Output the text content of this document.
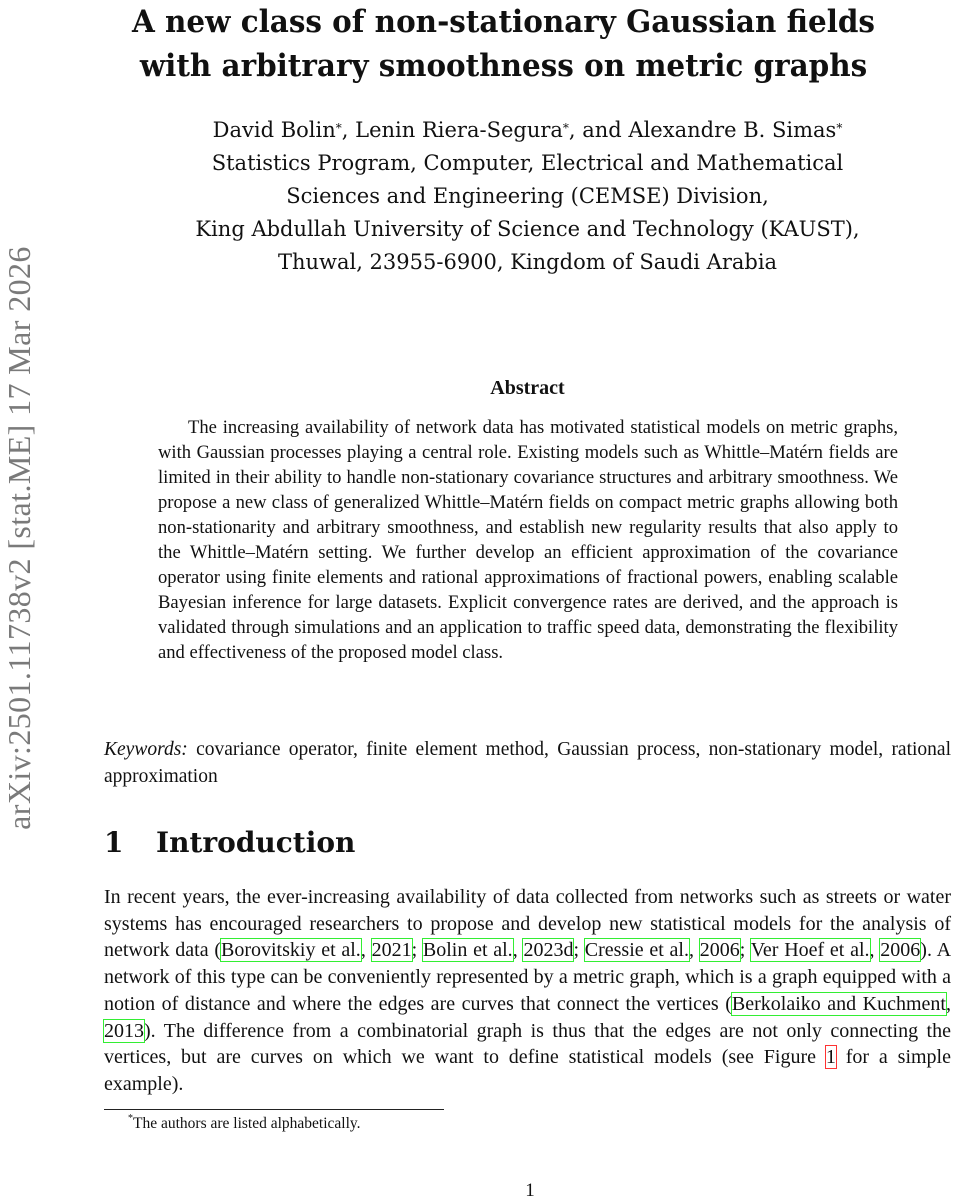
arXiv:2501.11738v2 [stat.ME] 17 Mar 2026
A new class of non-stationary Gaussian fields
with arbitrary smoothness on metric graphs
David Bolin*, Lenin Riera-Segura*, and Alexandre B. Simas*
Statistics Program, Computer, Electrical and Mathematical
Sciences and Engineering (CEMSE) Division,
King Abdullah University of Science and Technology (KAUST),
Thuwal, 23955-6900, Kingdom of Saudi Arabia
Abstract

The increasing availability of network data has motivated statistical models on metric graphs, with Gaussian processes playing a central role. Existing models such as Whittle–Matérn fields are limited in their ability to handle non-stationary covariance structures and arbitrary smoothness. We propose a new class of generalized Whittle–Matérn fields on compact metric graphs allowing both non-stationarity and arbitrary smoothness, and establish new regularity results that also apply to the Whittle–Matérn setting. We further develop an efficient approximation of the covariance operator using finite elements and rational approximations of fractional powers, enabling scalable Bayesian inference for large datasets. Explicit convergence rates are derived, and the approach is validated through simulations and an application to traffic speed data, demonstrating the flexibility and effectiveness of the proposed model class.

Keywords: covariance operator, finite element method, Gaussian process, non-stationary model, rational approximation

1 Introduction

In recent years, the ever-increasing availability of data collected from networks such as streets or water systems has encouraged researchers to propose and develop new statistical models for the analysis of network data (Borovitskiy et al., 2021; Bolin et al., 2023d; Cressie et al., 2006; Ver Hoef et al., 2006). A network of this type can be conveniently represented by a metric graph, which is a graph equipped with a notion of distance and where the edges are curves that connect the vertices (Berkolaiko and Kuchment, 2013). The difference from a combinatorial graph is thus that the edges are not only connecting the vertices, but are curves on which we want to define statistical models (see Figure 1 for a simple example).

*The authors are listed alphabetically.
1
